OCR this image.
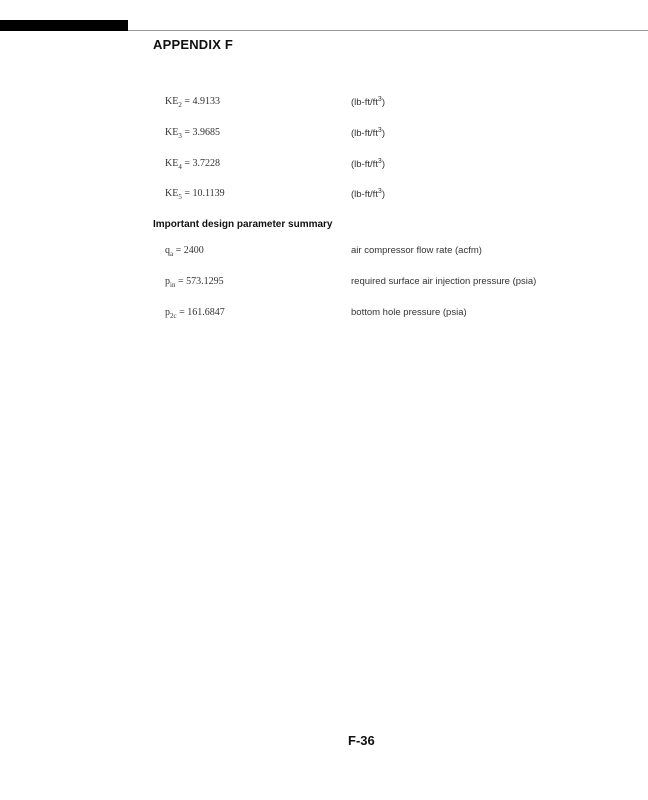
APPENDIX F
$KE_2 = 4.9133$	$(lb-ft/ft^3)$
$KE_3 = 3.9685$	$(lb-ft/ft^3)$
$KE_4 = 3.7228$	$(lb-ft/ft^3)$
$KE_5 = 10.1139$	$(lb-ft/ft^3)$
Important design parameter summary
$q_a = 2400$	air compressor flow rate (acfm)
$p_{in} = 573.1295$	required surface air injection pressure (psia)
$p_{2c} = 161.6847$	bottom hole pressure (psia)
F-36
